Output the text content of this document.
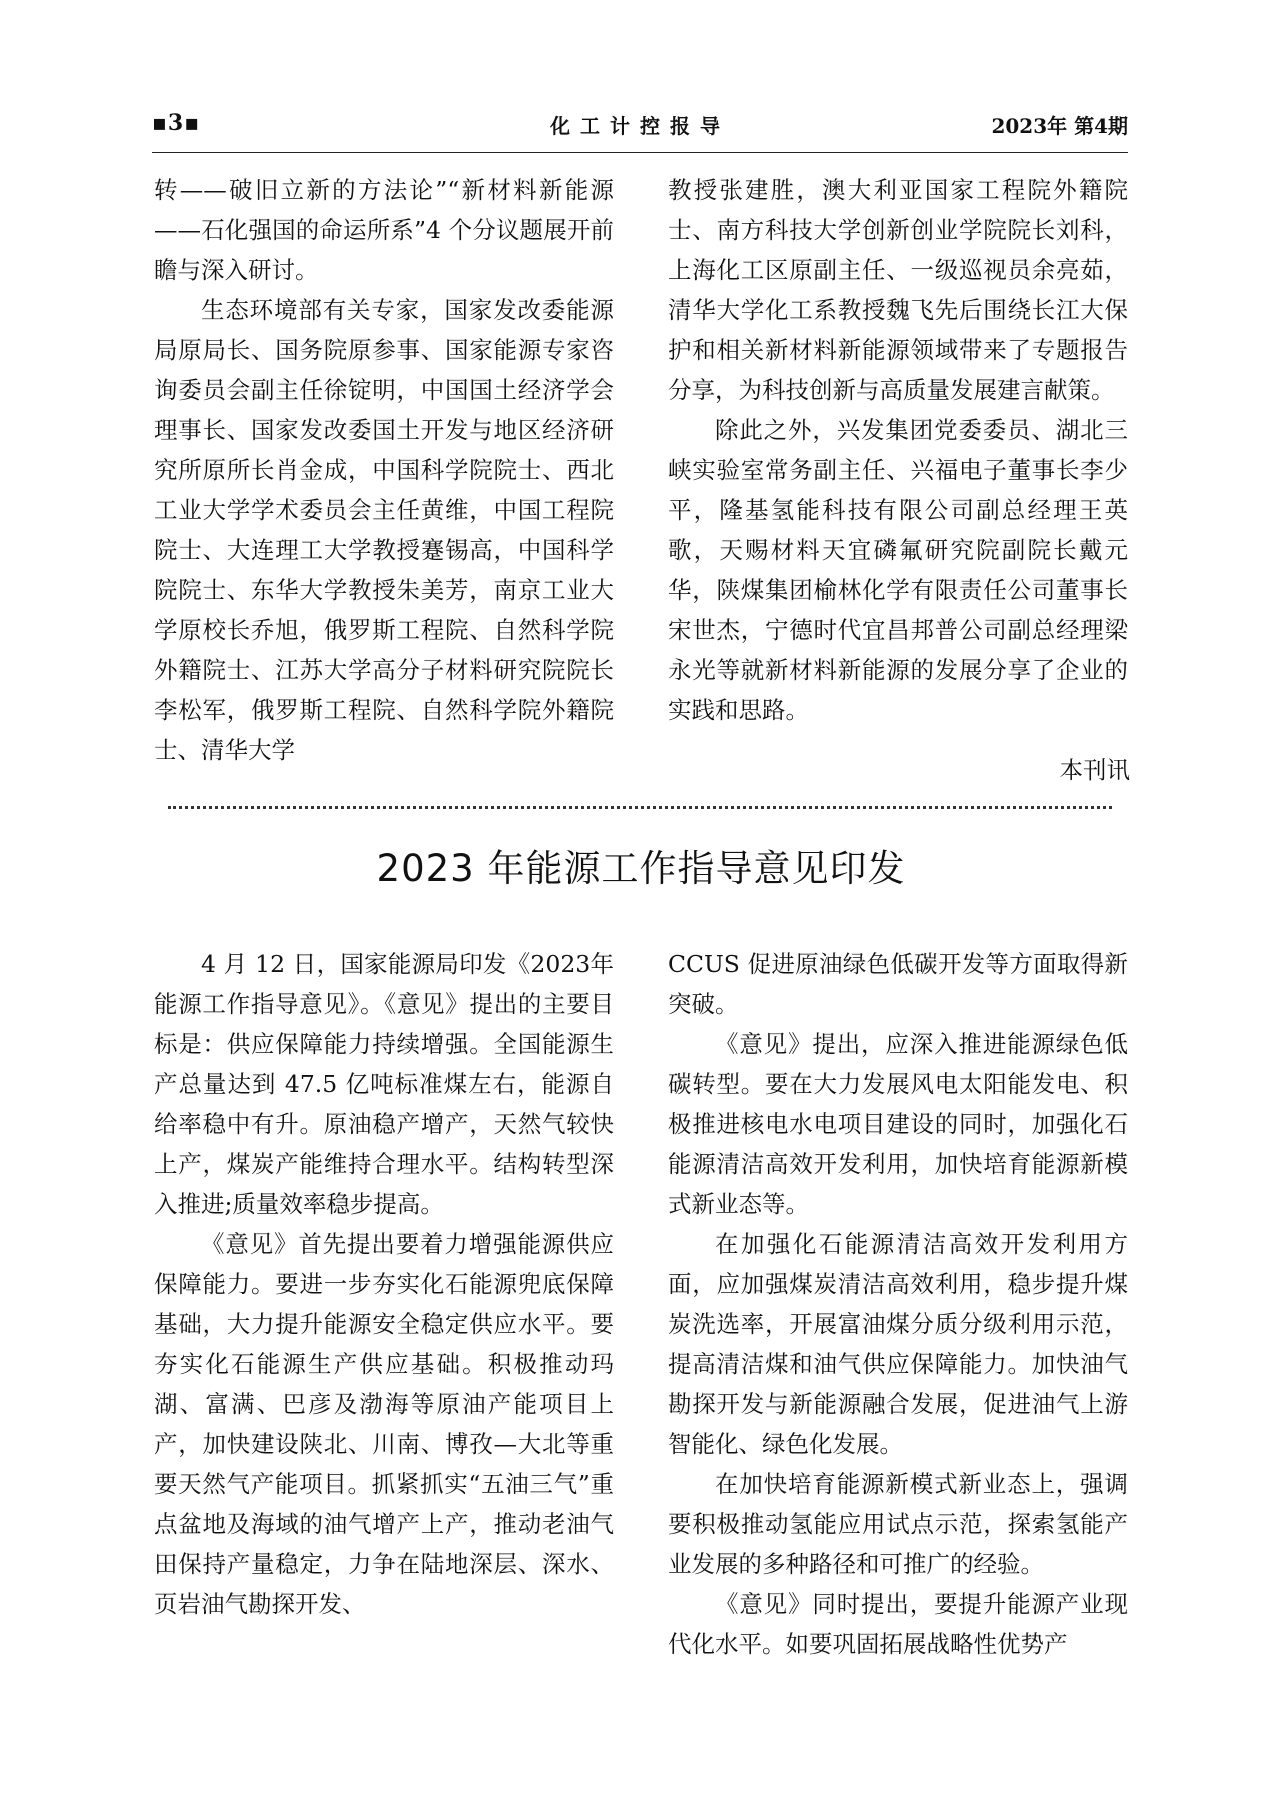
▪3▪	化工计控报导	2023年 第4期

转——破旧立新的方法论”“新材料新能源——石化强国的命运所系”4 个分议题展开前瞻与深入研讨。

生态环境部有关专家，国家发改委能源局原局长、国务院原参事、国家能源专家咨询委员会副主任徐锭明，中国国土经济学会理事长、国家发改委国土开发与地区经济研究所原所长肖金成，中国科学院院士、西北工业大学学术委员会主任黄维，中国工程院院士、大连理工大学教授蹇锡高，中国科学院院士、东华大学教授朱美芳，南京工业大学原校长乔旭，俄罗斯工程院、自然科学院外籍院士、江苏大学高分子材料研究院院长李松军，俄罗斯工程院、自然科学院外籍院士、清华大学

教授张建胜，澳大利亚国家工程院外籍院士、南方科技大学创新创业学院院长刘科，上海化工区原副主任、一级巡视员余亮茹，清华大学化工系教授魏飞先后围绕长江大保护和相关新材料新能源领域带来了专题报告分享，为科技创新与高质量发展建言献策。

除此之外，兴发集团党委委员、湖北三峡实验室常务副主任、兴福电子董事长李少平，隆基氢能科技有限公司副总经理王英歌，天赐材料天宜磷氟研究院副院长戴元华，陕煤集团榆林化学有限责任公司董事长宋世杰，宁德时代宜昌邦普公司副总经理梁永光等就新材料新能源的发展分享了企业的实践和思路。

本刊讯
2023 年能源工作指导意见印发

4 月 12 日，国家能源局印发《2023年能源工作指导意见》。《意见》提出的主要目标是：供应保障能力持续增强。全国能源生产总量达到 47.5 亿吨标准煤左右，能源自给率稳中有升。原油稳产增产，天然气较快上产，煤炭产能维持合理水平。结构转型深入推进;质量效率稳步提高。

《意见》首先提出要着力增强能源供应保障能力。要进一步夯实化石能源兜底保障基础，大力提升能源安全稳定供应水平。要夯实化石能源生产供应基础。积极推动玛湖、富满、巴彦及渤海等原油产能项目上产，加快建设陕北、川南、博孜—大北等重要天然气产能项目。抓紧抓实“五油三气”重点盆地及海域的油气增产上产，推动老油气田保持产量稳定，力争在陆地深层、深水、页岩油气勘探开发、

CCUS 促进原油绿色低碳开发等方面取得新突破。

《意见》提出，应深入推进能源绿色低碳转型。要在大力发展风电太阳能发电、积极推进核电水电项目建设的同时，加强化石能源清洁高效开发利用，加快培育能源新模式新业态等。

在加强化石能源清洁高效开发利用方面，应加强煤炭清洁高效利用，稳步提升煤炭洗选率，开展富油煤分质分级利用示范，提高清洁煤和油气供应保障能力。加快油气勘探开发与新能源融合发展，促进油气上游智能化、绿色化发展。

在加快培育能源新模式新业态上，强调要积极推动氢能应用试点示范，探索氢能产业发展的多种路径和可推广的经验。

《意见》同时提出，要提升能源产业现代化水平。如要巩固拓展战略性优势产
